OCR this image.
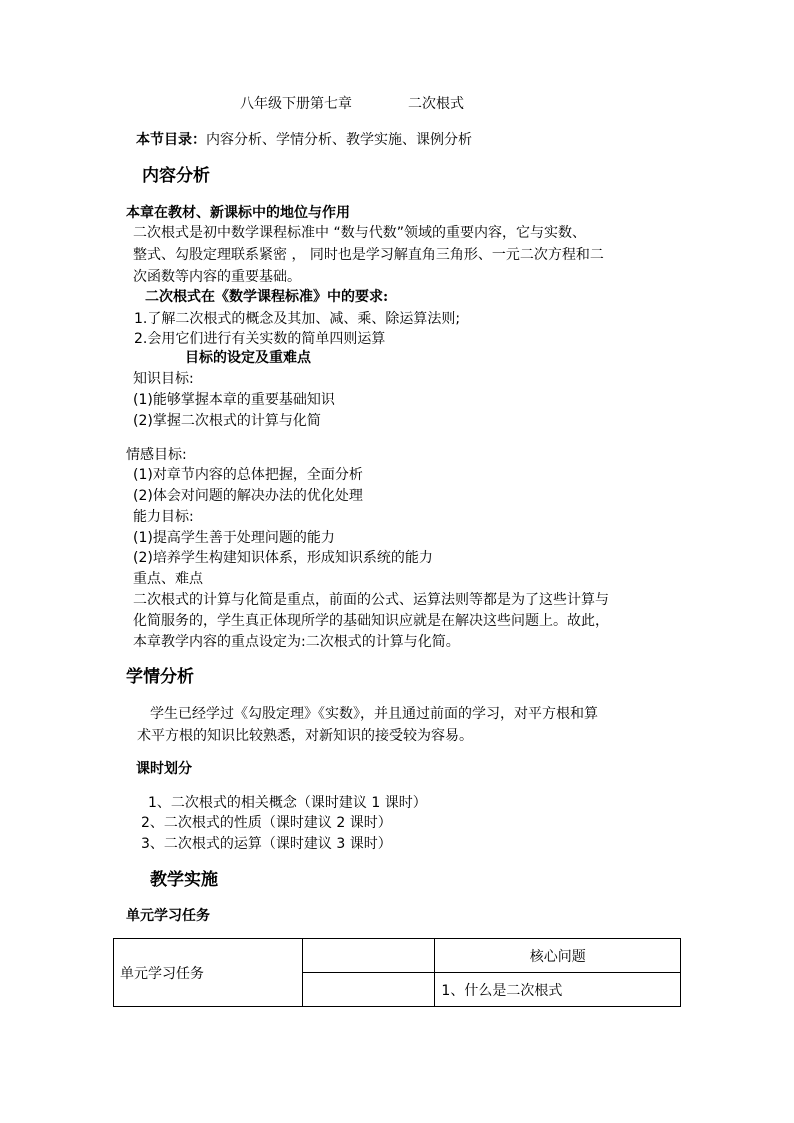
八年级下册第七章	二次根式
本节目录：内容分析、学情分析、教学实施、课例分析
内容分析
本章在教材、新课标中的地位与作用
二次根式是初中数学课程标准中 “数与代数”领域的重要内容，它与实数、
整式、勾股定理联系紧密 ， 同时也是学习解直角三角形、一元二次方程和二
次函数等内容的重要基础。
二次根式在《数学课程标准》中的要求:
1.了解二次根式的概念及其加、减、乘、除运算法则;
2.会用它们进行有关实数的简单四则运算
目标的设定及重难点
知识目标:
(1)能够掌握本章的重要基础知识
(2)掌握二次根式的计算与化简
情感目标:
(1)对章节内容的总体把握，全面分析
(2)体会对问题的解决办法的优化处理
能力目标:
(1)提高学生善于处理问题的能力
(2)培养学生构建知识体系，形成知识系统的能力
重点、难点
二次根式的计算与化简是重点，前面的公式、运算法则等都是为了这些计算与
化简服务的，学生真正体现所学的基础知识应就是在解决这些问题上。故此，
本章教学内容的重点设定为:二次根式的计算与化简。
学情分析
学生已经学过《勾股定理》《实数》，并且通过前面的学习，对平方根和算
术平方根的知识比较熟悉，对新知识的接受较为容易。
课时划分
1、二次根式的相关概念（课时建议 1 课时）
2、二次根式的性质（课时建议 2 课时）
3、二次根式的运算（课时建议 3 课时）
教学实施
单元学习任务
单元学习任务		核心问题
		1、什么是二次根式
